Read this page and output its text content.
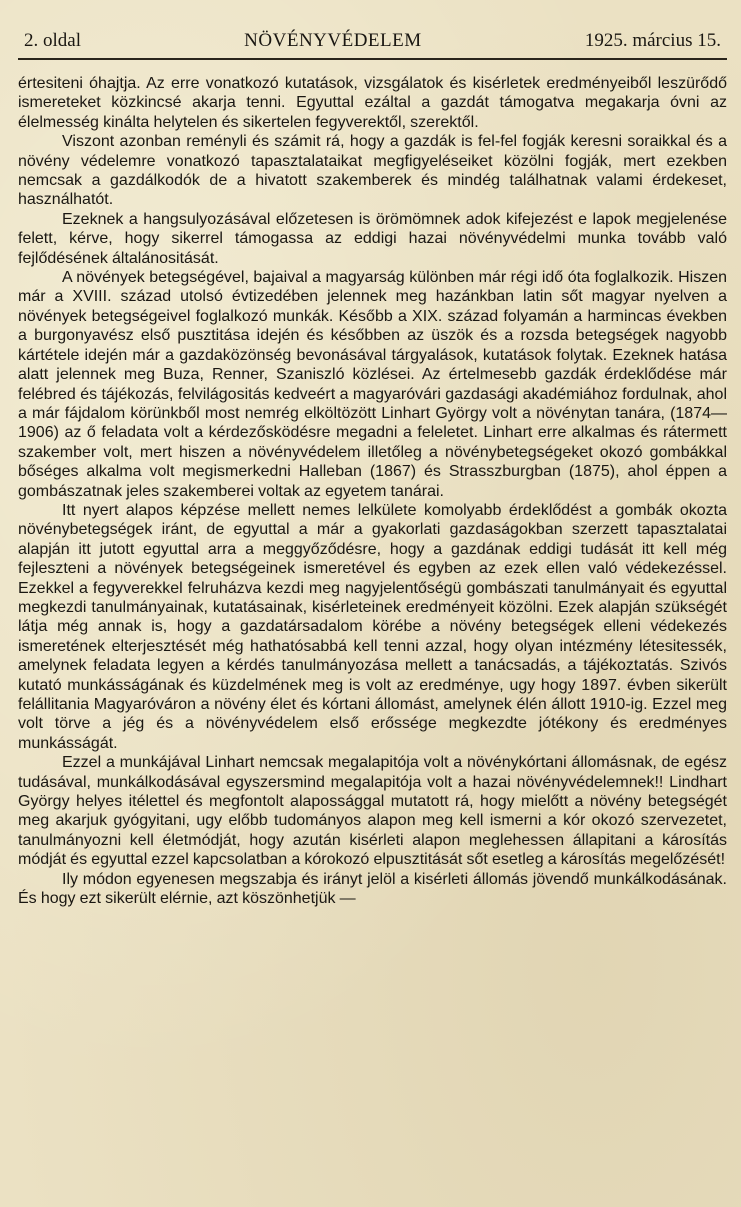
2. oldal	NÖVÉNYVÉDELEM	1925. március 15.

értesiteni óhajtja. Az erre vonatkozó kutatások, vizsgálatok és kisérletek eredményeiből leszürődő ismereteket közkincsé akarja tenni. Egyuttal ezáltal a gazdát támogatva megakarja óvni az élelmesség kinálta helytelen és sikertelen fegyverektől, szerektől.

Viszont azonban reményli és számit rá, hogy a gazdák is fel-fel fogják keresni soraikkal és a növény védelemre vonatkozó tapasztalataikat megfigyeléseiket közölni fogják, mert ezekben nemcsak a gazdálkodók de a hivatott szakemberek és mindég találhatnak valami érdekeset, használhatót.

Ezeknek a hangsulyozásával előzetesen is örömömnek adok kifejezést e lapok megjelenése felett, kérve, hogy sikerrel támogassa az eddigi hazai növényvédelmi munka tovább való fejlődésének általánositását.

A növények betegségével, bajaival a magyarság különben már régi idő óta foglalkozik. Hiszen már a XVIII. század utolsó évtizedében jelennek meg hazánkban latin sőt magyar nyelven a növények betegségeivel foglalkozó munkák. Később a XIX. század folyamán a harmincas években a burgonyavész első pusztitása idején és későbben az üszök és a rozsda betegségek nagyobb kártétele idején már a gazdaközönség bevonásával tárgyalások, kutatások folytak. Ezeknek hatása alatt jelennek meg Buza, Renner, Szaniszló közlései. Az értelmesebb gazdák érdeklődése már felébred és tájékozás, felvilágositás kedveért a magyaróvári gazdasági akadémiához fordulnak, ahol a már fájdalom körünkből most nemrég elköltözött Linhart György volt a növénytan tanára, (1874—1906) az ő feladata volt a kérdezősködésre megadni a feleletet. Linhart erre alkalmas és rátermett szakember volt, mert hiszen a növényvédelem illetőleg a növénybetegségeket okozó gombákkal bőséges alkalma volt megismerkedni Halleban (1867) és Strasszburgban (1875), ahol éppen a gombászatnak jeles szakemberei voltak az egyetem tanárai.

Itt nyert alapos képzése mellett nemes lelkülete komolyabb érdeklődést a gombák okozta növénybetegségek iránt, de egyuttal a már a gyakorlati gazdaságokban szerzett tapasztalatai alapján itt jutott egyuttal arra a meggyőződésre, hogy a gazdának eddigi tudását itt kell még fejleszteni a növények betegségeinek ismeretével és egyben az ezek ellen való védekezéssel. Ezekkel a fegyverekkel felruházva kezdi meg nagyjelentőségü gombászati tanulmányait és egyuttal megkezdi tanulmányainak, kutatásainak, kisérleteinek eredményeit közölni. Ezek alapján szükségét látja még annak is, hogy a gazdatársadalom körébe a növény betegségek elleni védekezés ismeretének elterjesztését még hathatósabbá kell tenni azzal, hogy olyan intézmény létesitessék, amelynek feladata legyen a kérdés tanulmányozása mellett a tanácsadás, a tájékoztatás. Szivós kutató munkásságának és küzdelmének meg is volt az eredménye, ugy hogy 1897. évben sikerült felállitania Magyaróváron a növény élet és kórtani állomást, amelynek élén állott 1910-ig. Ezzel meg volt törve a jég és a növényvédelem első erőssége megkezdte jótékony és eredményes munkásságát.

Ezzel a munkájával Linhart nemcsak megalapitója volt a növénykórtani állomásnak, de egész tudásával, munkálkodásával egyszersmind megalapitója volt a hazai növényvédelemnek!! Lindhart György helyes itélettel és megfontolt alapossággal mutatott rá, hogy mielőtt a növény betegségét meg akarjuk gyógyitani, ugy előbb tudományos alapon meg kell ismerni a kór okozó szervezetet, tanulmányozni kell életmódját, hogy azután kisérleti alapon meglehessen állapitani a károsítás módját és egyuttal ezzel kapcsolatban a kórokozó elpusztitását sőt esetleg a károsítás megelőzését!

Ily módon egyenesen megszabja és irányt jelöl a kisérleti állomás jövendő munkálkodásának. És hogy ezt sikerült elérnie, azt köszönhetjük —
